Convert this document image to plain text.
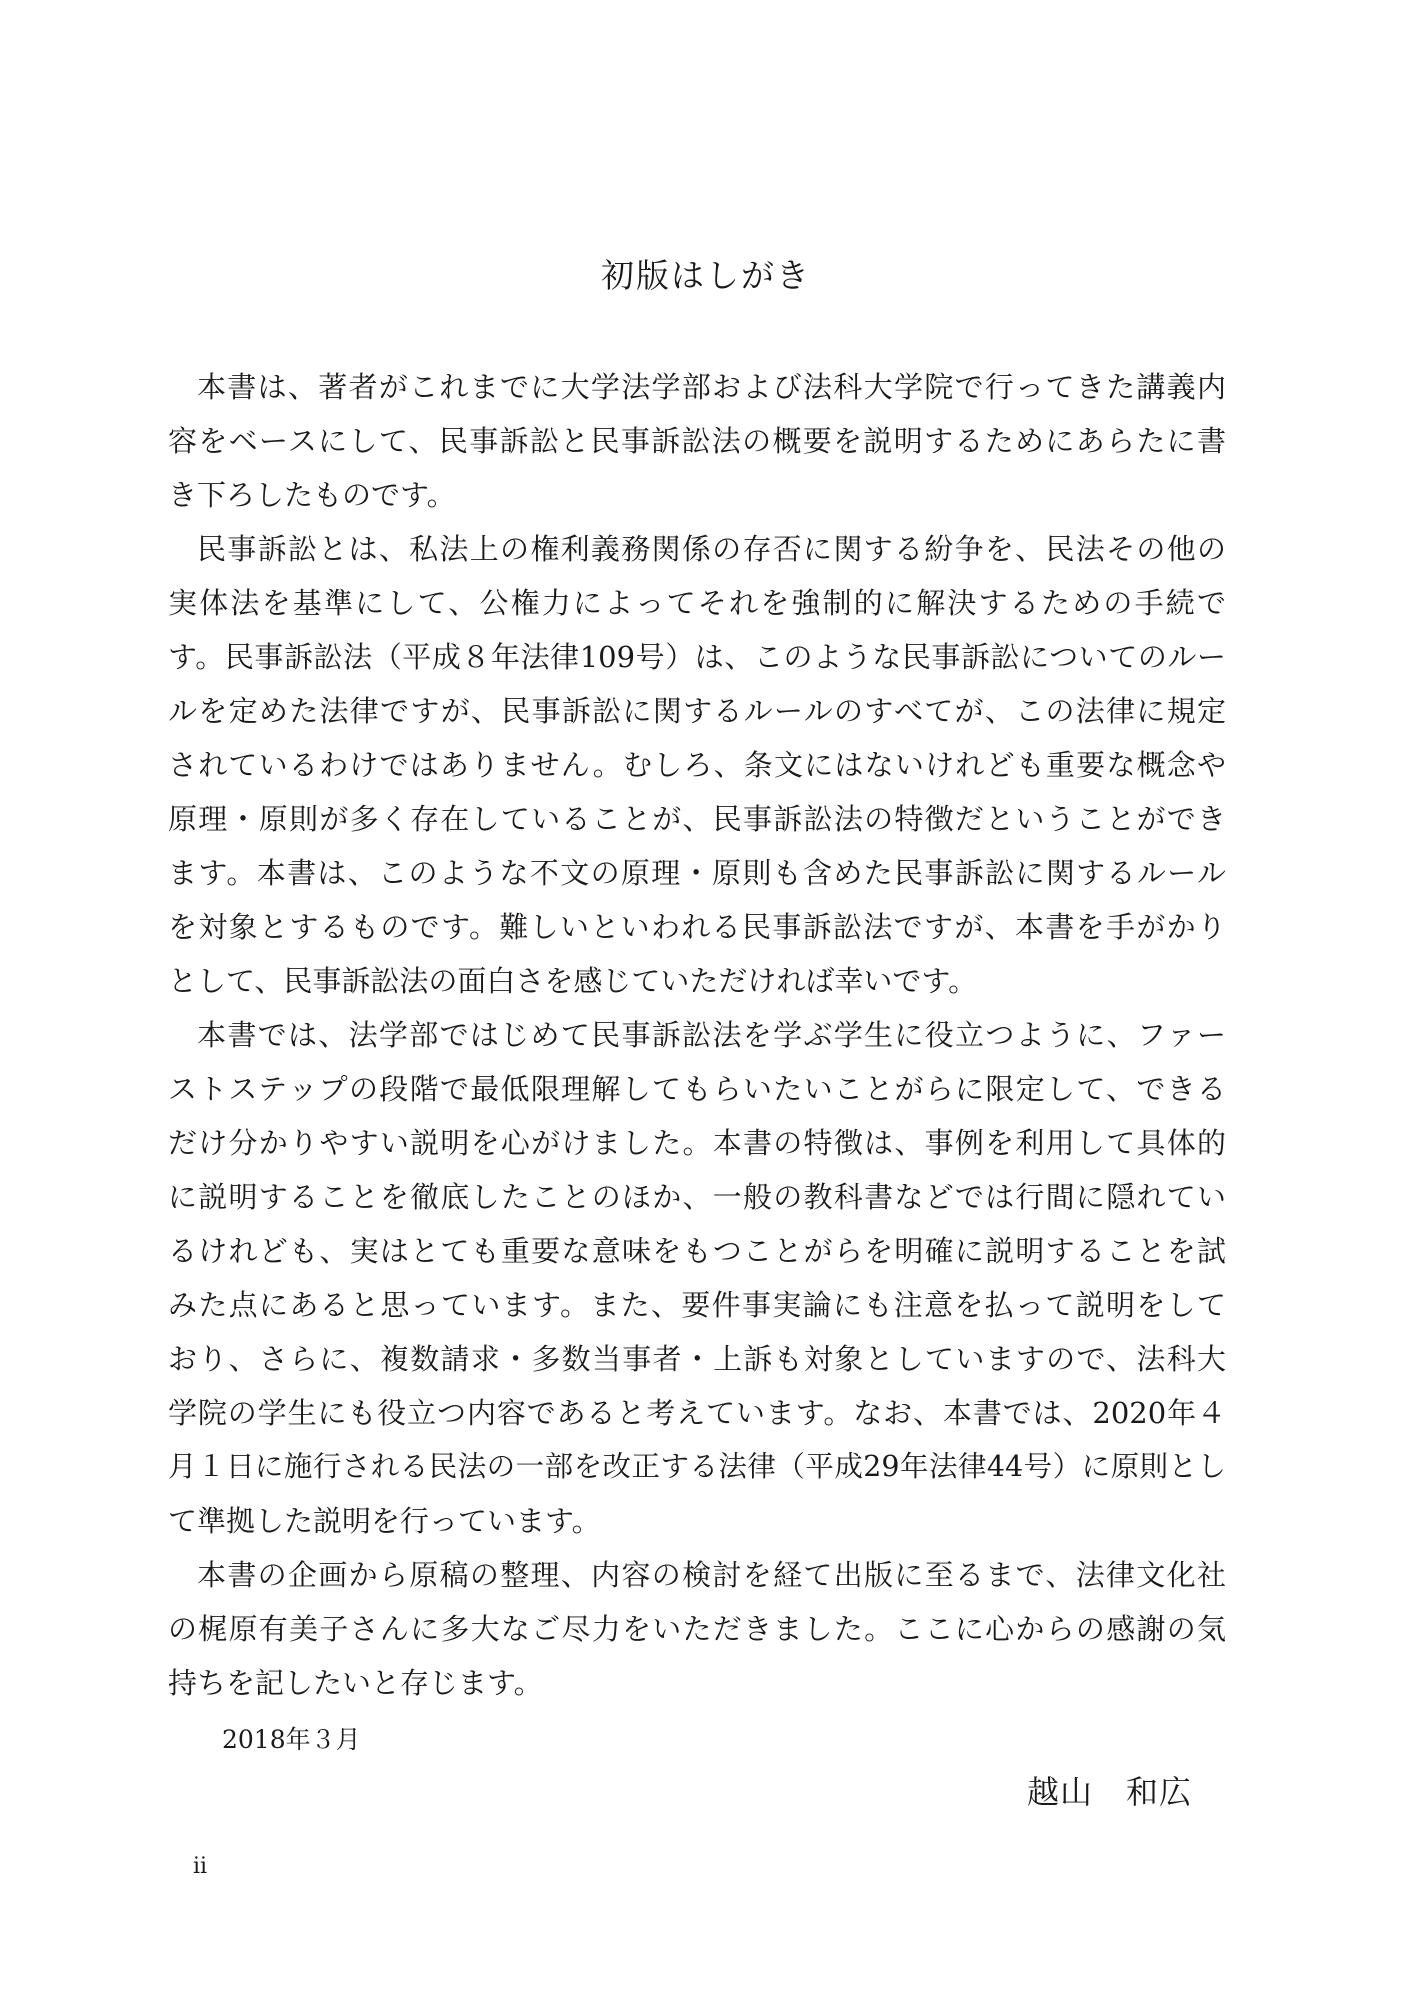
初版はしがき
本書は、著者がこれまでに大学法学部および法科大学院で行ってきた講義内
容をベースにして、民事訴訟と民事訴訟法の概要を説明するためにあらたに書
き下ろしたものです。
民事訴訟とは、私法上の権利義務関係の存否に関する紛争を、民法その他の
実体法を基準にして、公権力によってそれを強制的に解決するための手続で
す。民事訴訟法（平成８年法律109号）は、このような民事訴訟についてのルー
ルを定めた法律ですが、民事訴訟に関するルールのすべてが、この法律に規定
されているわけではありません。むしろ、条文にはないけれども重要な概念や
原理・原則が多く存在していることが、民事訴訟法の特徴だということができ
ます。本書は、このような不文の原理・原則も含めた民事訴訟に関するルール
を対象とするものです。難しいといわれる民事訴訟法ですが、本書を手がかり
として、民事訴訟法の面白さを感じていただければ幸いです。
本書では、法学部ではじめて民事訴訟法を学ぶ学生に役立つように、ファー
ストステップの段階で最低限理解してもらいたいことがらに限定して、できる
だけ分かりやすい説明を心がけました。本書の特徴は、事例を利用して具体的
に説明することを徹底したことのほか、一般の教科書などでは行間に隠れてい
るけれども、実はとても重要な意味をもつことがらを明確に説明することを試
みた点にあると思っています。また、要件事実論にも注意を払って説明をして
おり、さらに、複数請求・多数当事者・上訴も対象としていますので、法科大
学院の学生にも役立つ内容であると考えています。なお、本書では、2020年４
月１日に施行される民法の一部を改正する法律（平成29年法律44号）に原則とし
て準拠した説明を行っています。
本書の企画から原稿の整理、内容の検討を経て出版に至るまで、法律文化社
の梶原有美子さんに多大なご尽力をいただきました。ここに心からの感謝の気
持ちを記したいと存じます。
2018年３月
越山　和広
ii
